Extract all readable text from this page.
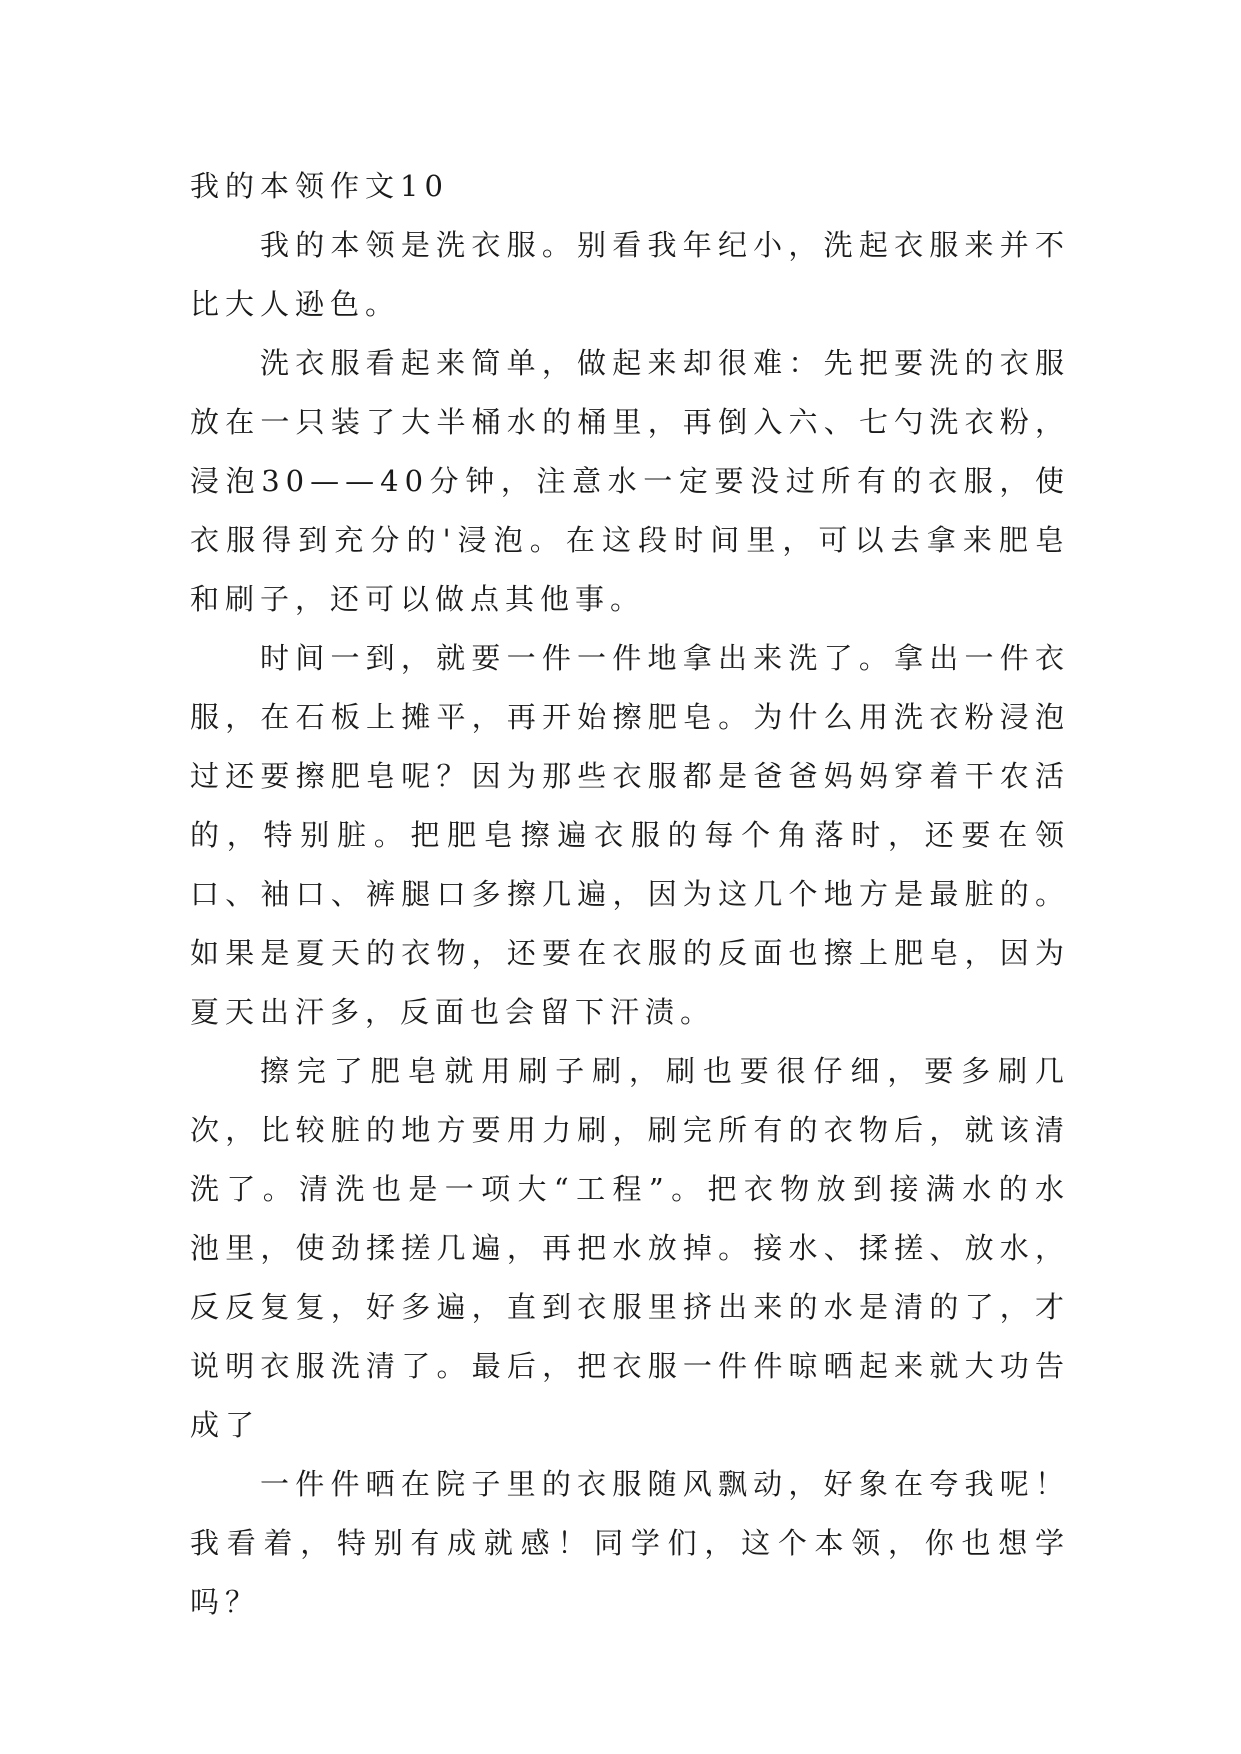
我的本领作文10

我的本领是洗衣服。别看我年纪小，洗起衣服来并不比大人逊色。

洗衣服看起来简单，做起来却很难：先把要洗的衣服放在一只装了大半桶水的桶里，再倒入六、七勺洗衣粉，浸泡30——40分钟，注意水一定要没过所有的衣服，使衣服得到充分的'浸泡。在这段时间里，可以去拿来肥皂和刷子，还可以做点其他事。

时间一到，就要一件一件地拿出来洗了。拿出一件衣服，在石板上摊平，再开始擦肥皂。为什么用洗衣粉浸泡过还要擦肥皂呢？因为那些衣服都是爸爸妈妈穿着干农活的，特别脏。把肥皂擦遍衣服的每个角落时，还要在领口、袖口、裤腿口多擦几遍，因为这几个地方是最脏的。如果是夏天的衣物，还要在衣服的反面也擦上肥皂，因为夏天出汗多，反面也会留下汗渍。

擦完了肥皂就用刷子刷，刷也要很仔细，要多刷几次，比较脏的地方要用力刷，刷完所有的衣物后，就该清洗了。清洗也是一项大“工程”。把衣物放到接满水的水池里，使劲揉搓几遍，再把水放掉。接水、揉搓、放水，反反复复，好多遍，直到衣服里挤出来的水是清的了，才说明衣服洗清了。最后，把衣服一件件晾晒起来就大功告成了

一件件晒在院子里的衣服随风飘动，好象在夸我呢！我看着，特别有成就感！同学们，这个本领，你也想学吗？
